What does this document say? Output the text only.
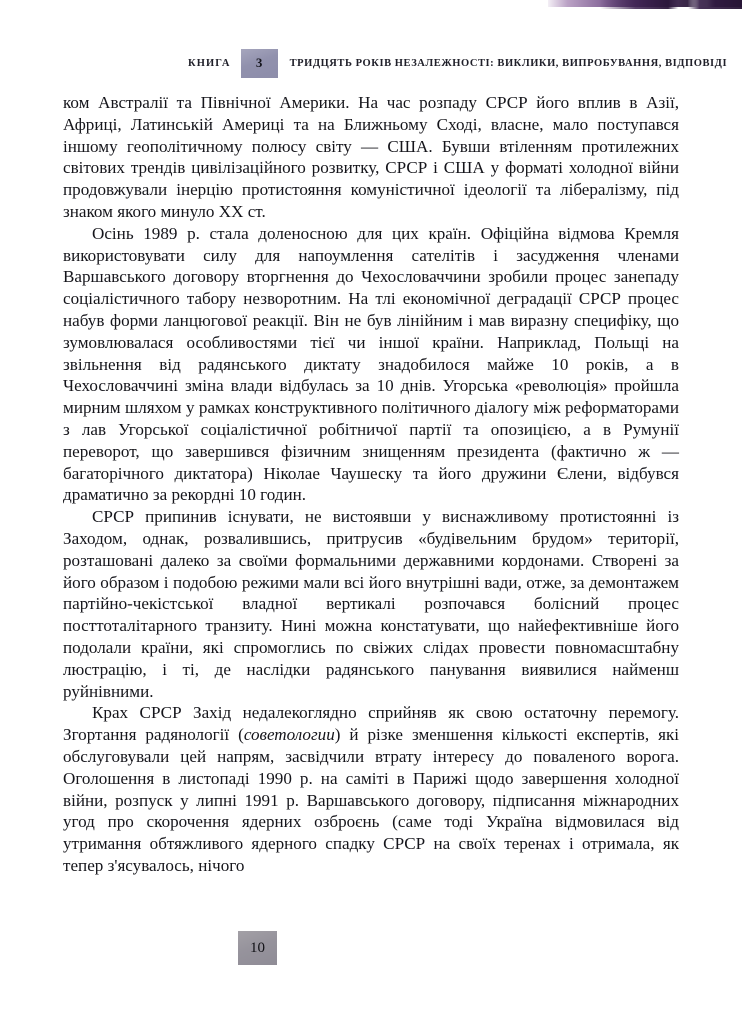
КНИГА 3	ТРИДЦЯТЬ РОКІВ НЕЗАЛЕЖНОСТІ: ВИКЛИКИ, ВИПРОБУВАННЯ, ВІДПОВІДІ

ком Австралії та Північної Америки. На час розпаду СРСР його вплив в Азії, Африці, Латинській Америці та на Ближньому Сході, власне, мало поступався іншому геополітичному полюсу світу — США. Бувши втіленням протилежних світових трендів цивілізаційного розвитку, СРСР і США у форматі холодної війни продовжували інерцію протистояння комуністичної ідеології та лібералізму, під знаком якого минуло ХХ ст.

Осінь 1989 р. стала доленосною для цих країн. Офіційна відмова Кремля використовувати силу для напоумлення сателітів і засудження членами Варшавського договору вторгнення до Чехословаччини зробили процес занепаду соціалістичного табору незворотним. На тлі економічної деградації СРСР процес набув форми ланцюгової реакції. Він не був лінійним і мав виразну специфіку, що зумовлювалася особливостями тієї чи іншої країни. Наприклад, Польщі на звільнення від радянського диктату знадобилося майже 10 років, а в Чехословаччині зміна влади відбулась за 10 днів. Угорська «революція» пройшла мирним шляхом у рамках конструктивного політичного діалогу між реформаторами з лав Угорської соціалістичної робітничої партії та опозицією, а в Румунії переворот, що завершився фізичним знищенням президента (фактично ж — багаторічного диктатора) Ніколае Чаушеску та його дружини Єлени, відбувся драматично за рекордні 10 годин.

СРСР припинив існувати, не вистоявши у виснажливому протистоянні із Заходом, однак, розвалившись, притрусив «будівельним брудом» території, розташовані далеко за своїми формальними державними кордонами. Створені за його образом і подобою режими мали всі його внутрішні вади, отже, за демонтажем партійно-чекістської владної вертикалі розпочався болісний процес посттоталітарного транзиту. Нині можна констатувати, що найефективніше його подолали країни, які спромоглись по свіжих слідах провести повномасштабну люстрацію, і ті, де наслідки радянського панування виявилися найменш руйнівними.

Крах СРСР Захід недалекоглядно сприйняв як свою остаточну перемогу. Згортання радянології (советологии) й різке зменшення кількості експертів, які обслуговували цей напрям, засвідчили втрату інтересу до поваленого ворога. Оголошення в листопаді 1990 р. на саміті в Парижі щодо завершення холодної війни, розпуск у липні 1991 р. Варшавського договору, підписання міжнародних угод про скорочення ядерних озброєнь (саме тоді Україна відмовилася від утримання обтяжливого ядерного спадку СРСР на своїх теренах і отримала, як тепер з'ясувалось, нічого

10
